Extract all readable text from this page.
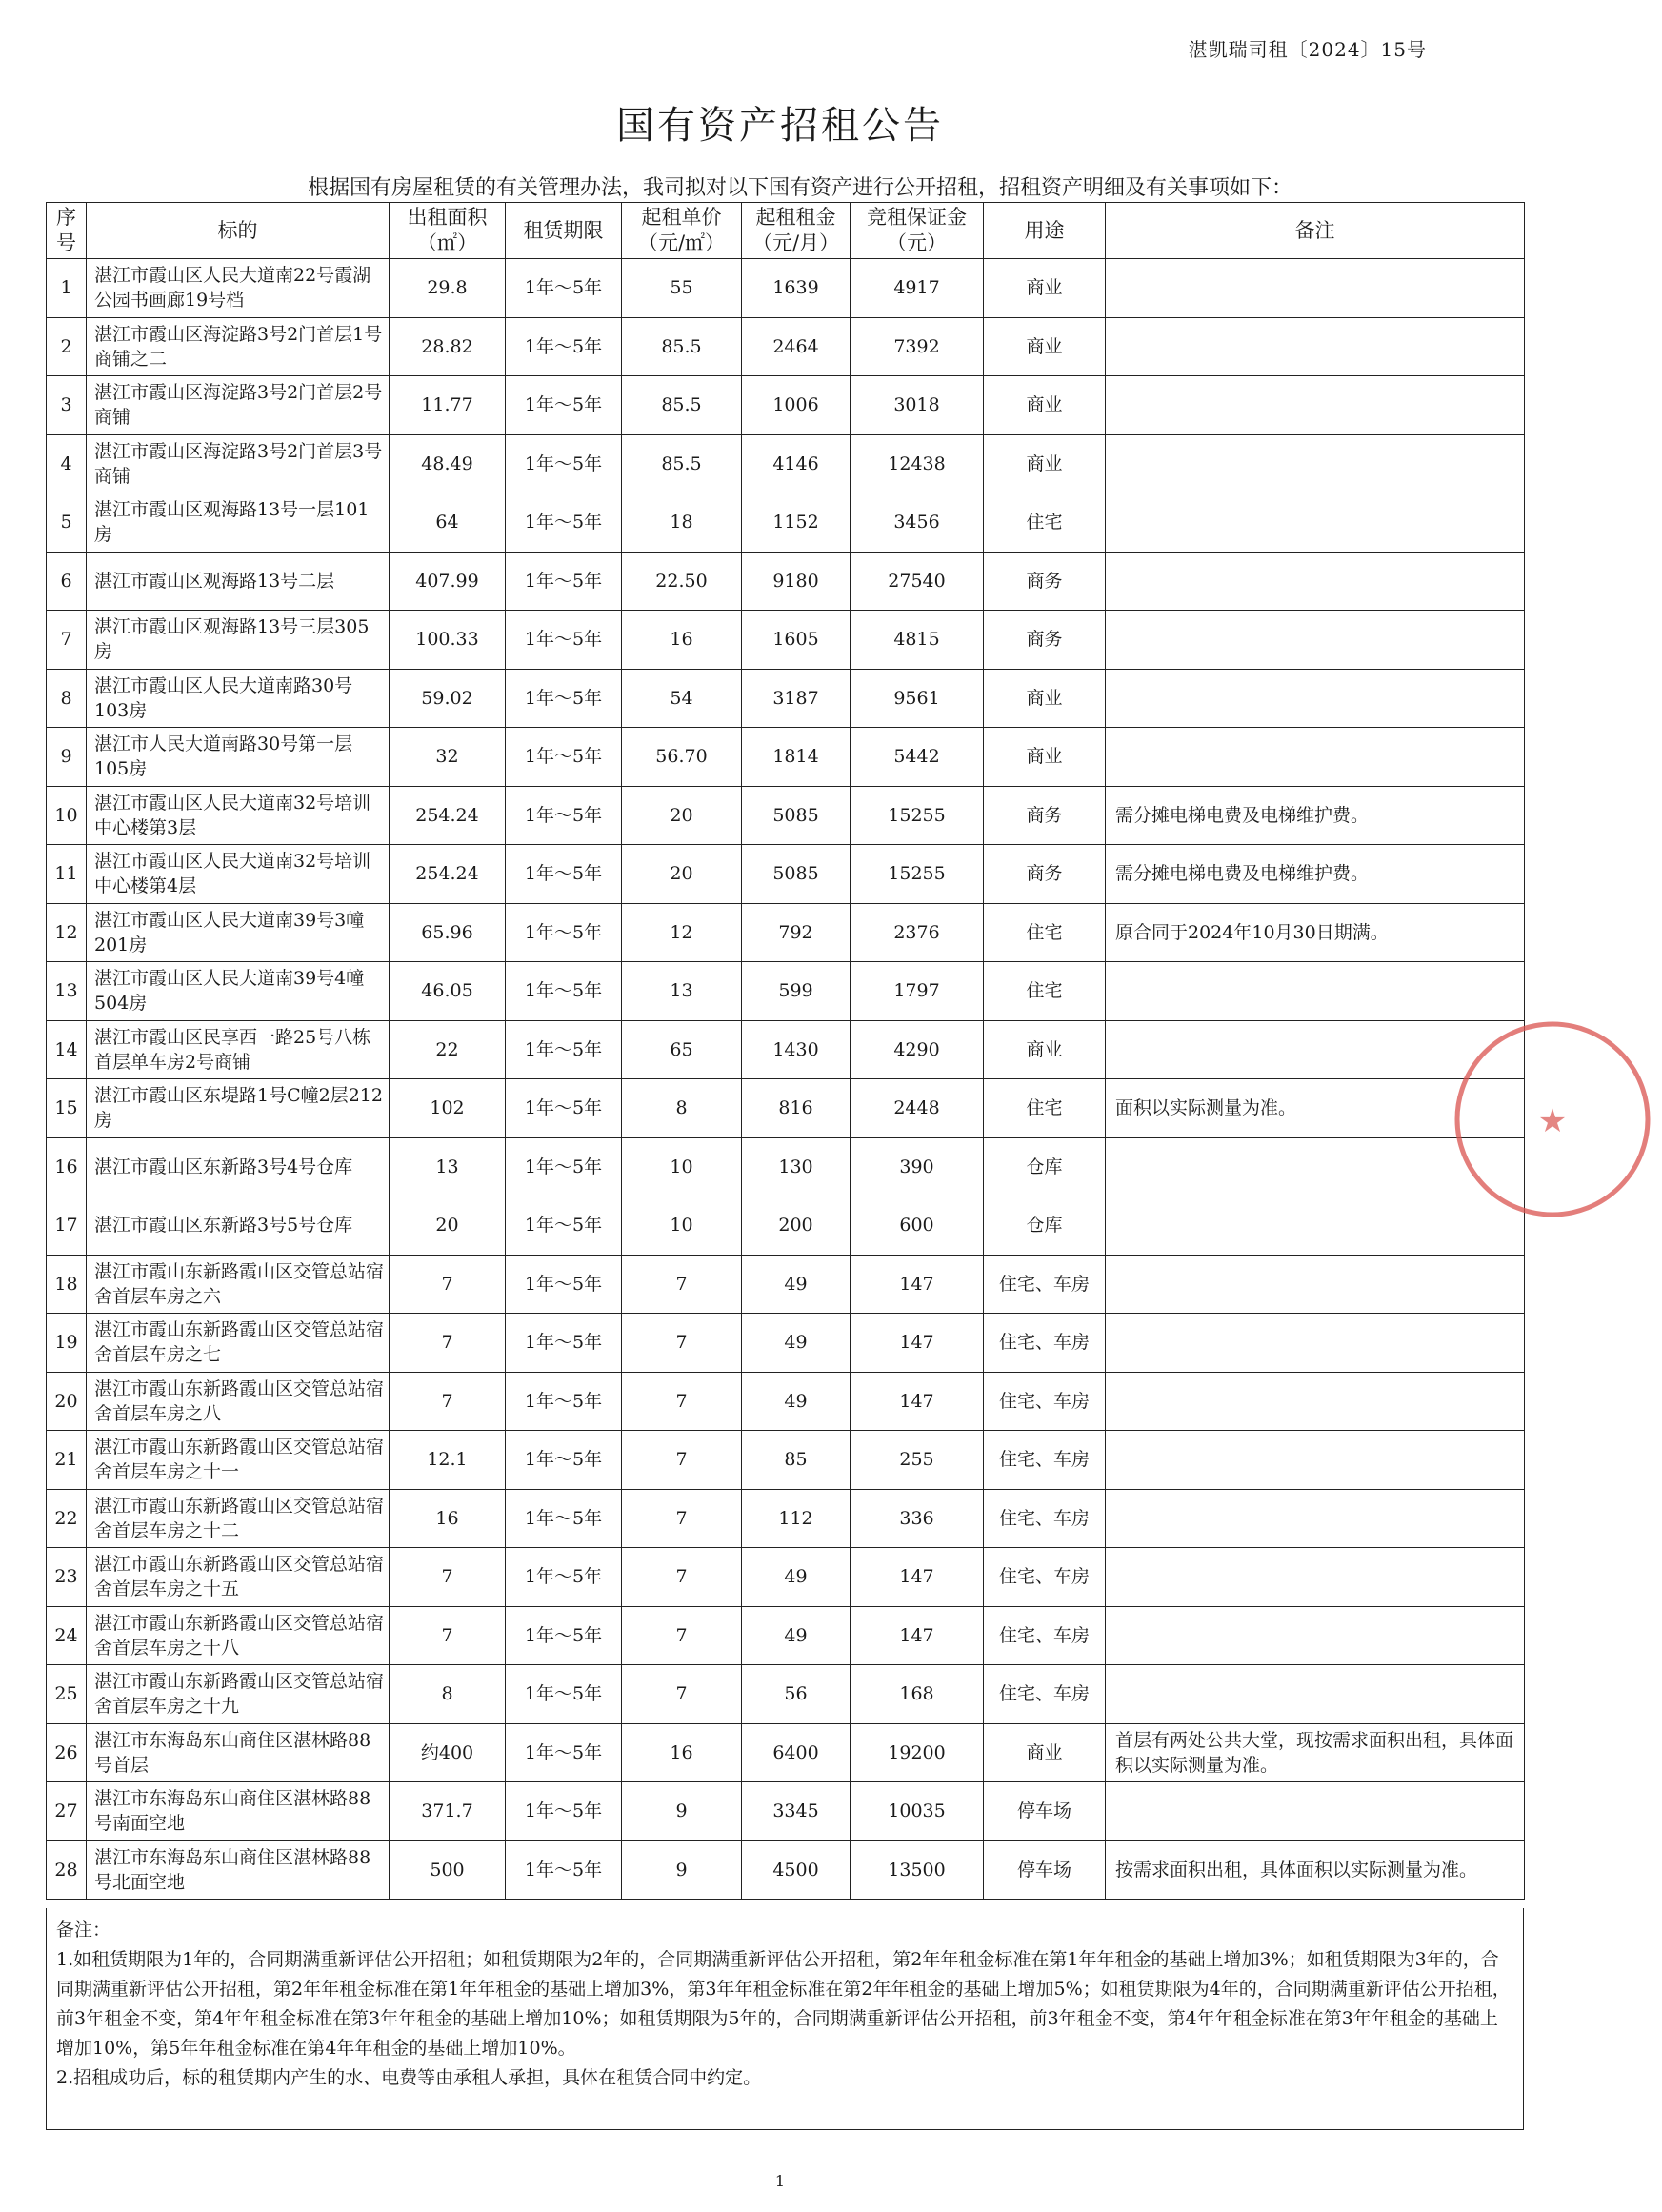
湛凯瑞司租〔2024〕15号
国有资产招租公告
根据国有房屋租赁的有关管理办法，我司拟对以下国有资产进行公开招租，招租资产明细及有关事项如下：
序号	标的	出租面积（㎡）	租赁期限	起租单价（元/㎡）	起租租金（元/月）	竞租保证金（元）	用途	备注
1	湛江市霞山区人民大道南22号霞湖公园书画廊19号档	29.8	1年～5年	55	1639	4917	商业	
2	湛江市霞山区海淀路3号2门首层1号商铺之二	28.82	1年～5年	85.5	2464	7392	商业	
3	湛江市霞山区海淀路3号2门首层2号商铺	11.77	1年～5年	85.5	1006	3018	商业	
4	湛江市霞山区海淀路3号2门首层3号商铺	48.49	1年～5年	85.5	4146	12438	商业	
5	湛江市霞山区观海路13号一层101房	64	1年～5年	18	1152	3456	住宅	
6	湛江市霞山区观海路13号二层	407.99	1年～5年	22.50	9180	27540	商务	
7	湛江市霞山区观海路13号三层305房	100.33	1年～5年	16	1605	4815	商务	
8	湛江市霞山区人民大道南路30号103房	59.02	1年～5年	54	3187	9561	商业	
9	湛江市人民大道南路30号第一层105房	32	1年～5年	56.70	1814	5442	商业	
10	湛江市霞山区人民大道南32号培训中心楼第3层	254.24	1年～5年	20	5085	15255	商务	需分摊电梯电费及电梯维护费。
11	湛江市霞山区人民大道南32号培训中心楼第4层	254.24	1年～5年	20	5085	15255	商务	需分摊电梯电费及电梯维护费。
12	湛江市霞山区人民大道南39号3幢201房	65.96	1年～5年	12	792	2376	住宅	原合同于2024年10月30日期满。
13	湛江市霞山区人民大道南39号4幢504房	46.05	1年～5年	13	599	1797	住宅	
14	湛江市霞山区民享西一路25号八栋首层单车房2号商铺	22	1年～5年	65	1430	4290	商业	
15	湛江市霞山区东堤路1号C幢2层212房	102	1年～5年	8	816	2448	住宅	面积以实际测量为准。
16	湛江市霞山区东新路3号4号仓库	13	1年～5年	10	130	390	仓库	
17	湛江市霞山区东新路3号5号仓库	20	1年～5年	10	200	600	仓库	
18	湛江市霞山东新路霞山区交管总站宿舍首层车房之六	7	1年～5年	7	49	147	住宅、车房	
19	湛江市霞山东新路霞山区交管总站宿舍首层车房之七	7	1年～5年	7	49	147	住宅、车房	
20	湛江市霞山东新路霞山区交管总站宿舍首层车房之八	7	1年～5年	7	49	147	住宅、车房	
21	湛江市霞山东新路霞山区交管总站宿舍首层车房之十一	12.1	1年～5年	7	85	255	住宅、车房	
22	湛江市霞山东新路霞山区交管总站宿舍首层车房之十二	16	1年～5年	7	112	336	住宅、车房	
23	湛江市霞山东新路霞山区交管总站宿舍首层车房之十五	7	1年～5年	7	49	147	住宅、车房	
24	湛江市霞山东新路霞山区交管总站宿舍首层车房之十八	7	1年～5年	7	49	147	住宅、车房	
25	湛江市霞山东新路霞山区交管总站宿舍首层车房之十九	8	1年～5年	7	56	168	住宅、车房	
26	湛江市东海岛东山商住区湛林路88号首层	约400	1年～5年	16	6400	19200	商业	首层有两处公共大堂，现按需求面积出租，具体面积以实际测量为准。
27	湛江市东海岛东山商住区湛林路88号南面空地	371.7	1年～5年	9	3345	10035	停车场	
28	湛江市东海岛东山商住区湛林路88号北面空地	500	1年～5年	9	4500	13500	停车场	按需求面积出租，具体面积以实际测量为准。

备注：

1.如租赁期限为1年的，合同期满重新评估公开招租；如租赁期限为2年的，合同期满重新评估公开招租，第2年年租金标准在第1年年租金的基础上增加3%；如租赁期限为3年的，合同期满重新评估公开招租，第2年年租金标准在第1年年租金的基础上增加3%，第3年年租金标准在第2年年租金的基础上增加5%；如租赁期限为4年的，合同期满重新评估公开招租，前3年租金不变，第4年年租金标准在第3年年租金的基础上增加10%；如租赁期限为5年的，合同期满重新评估公开招租，前3年租金不变，第4年年租金标准在第3年年租金的基础上增加10%，第5年年租金标准在第4年年租金的基础上增加10%。

2.招租成功后，标的租赁期内产生的水、电费等由承租人承担，具体在租赁合同中约定。

1
★
